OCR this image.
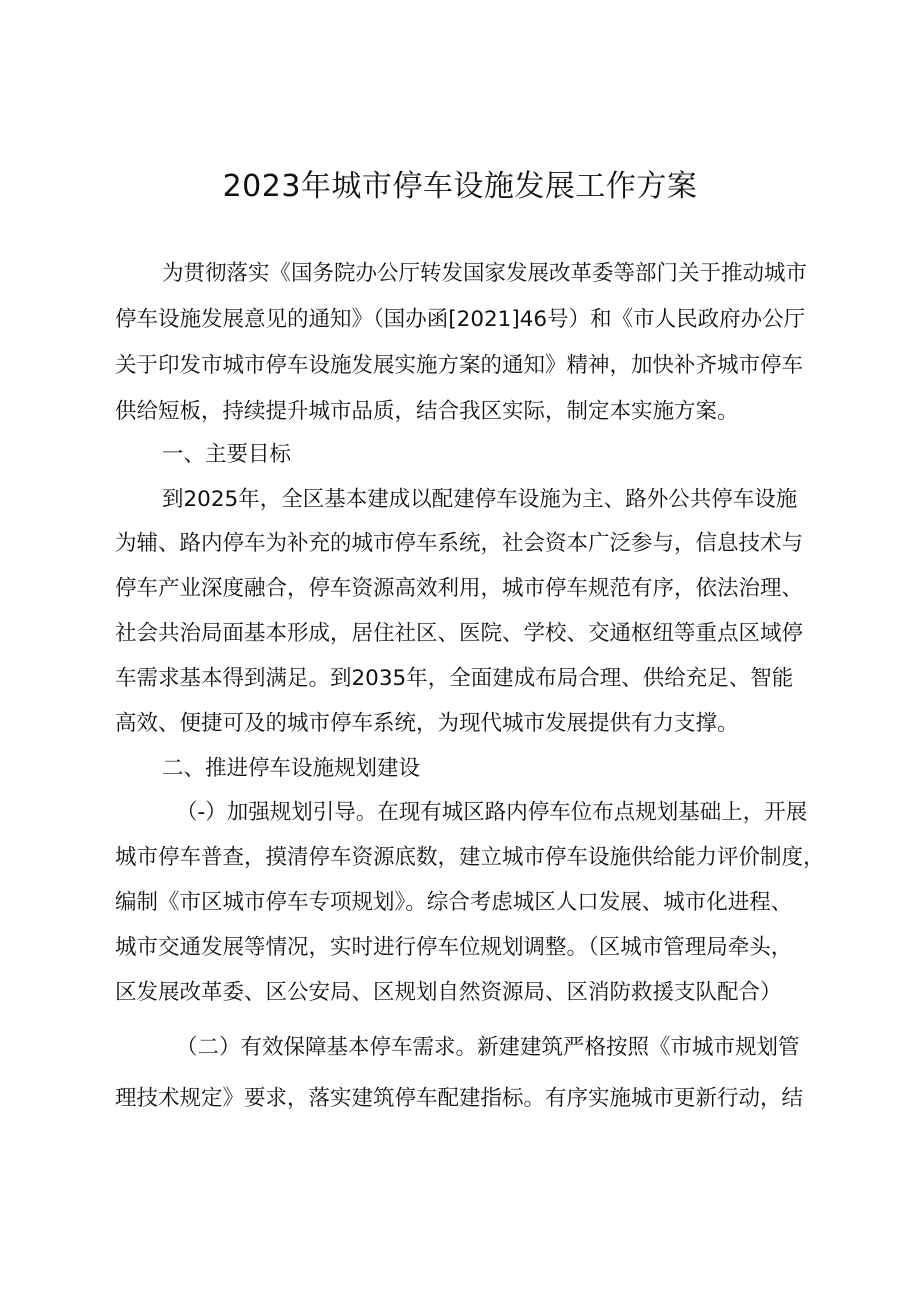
2023年城市停车设施发展工作方案
为贯彻落实《国务院办公厅转发国家发展改革委等部门关于推动城市
停车设施发展意见的通知》（国办函[2021]46号）和《市人民政府办公厅
关于印发市城市停车设施发展实施方案的通知》精神，加快补齐城市停车
供给短板，持续提升城市品质，结合我区实际，制定本实施方案。
一、主要目标
到2025年，全区基本建成以配建停车设施为主、路外公共停车设施
为辅、路内停车为补充的城市停车系统，社会资本广泛参与，信息技术与
停车产业深度融合，停车资源高效利用，城市停车规范有序，依法治理、
社会共治局面基本形成，居住社区、医院、学校、交通枢纽等重点区域停
车需求基本得到满足。到2035年，全面建成布局合理、供给充足、智能
高效、便捷可及的城市停车系统，为现代城市发展提供有力支撑。
二、推进停车设施规划建设
（-）加强规划引导。在现有城区路内停车位布点规划基础上，开展
城市停车普查，摸清停车资源底数，建立城市停车设施供给能力评价制度，
编制《市区城市停车专项规划》。综合考虑城区人口发展、城市化进程、
城市交通发展等情况，实时进行停车位规划调整。（区城市管理局牵头，
区发展改革委、区公安局、区规划自然资源局、区消防救援支队配合）
（二）有效保障基本停车需求。新建建筑严格按照《市城市规划管
理技术规定》要求，落实建筑停车配建指标。有序实施城市更新行动，结
